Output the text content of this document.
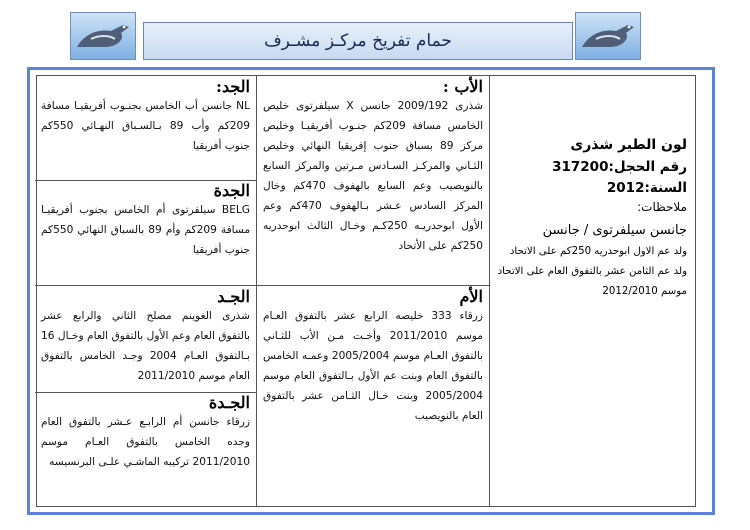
حمام تفريخ مركـز مشـرف
لون الطير شذرى
رقم الحجل:317200
السنة:2012
ملاحظات:
جانسن سيلفرتوى / جانسن
ولد عم الاول ابوحدريه 250كم على الاتحاد ولد عم الثامن عشر بالتفوق العام على الاتحاد موسم 2012/2010
الأب :
شذرى 2009/192 جانسن X سيلفرتوى خليص الخامس مسافة 209كم جنـوب أفريقيـا وخليص مركز 89 بسباق جنوب إفريقيا النهائي وخليص الثـاني والمركـز السـادس مـرتين والمركز السابع بالنويصيب وعم السابع بالهفوف 470كم وخال المركز السادس عـشر بـالهفوف 470كم وعم الأول ابوحدريـه 250كـم وخـال الثالث ابوحدريه 250كم على الأتحاد
الأم
زرقاء 333 خليصه الرابع عشر بالتفوق العـام موسم 2011/2010 وأخـت مـن الأب للثـاني بالتفوق العـام موسم 2005/2004 وعمـه الخامس بالتفوق العام وبنت عم الأول بـالتفوق العام موسم 2005/2004 وبنت خـال الثـامن عشر بالتفوق العام بالنويصيب
الجد:
NL جانسن أب الخامس بجنـوب أفريقيـا مسافة 209كم وأب 89 بـالسـباق النهـائي 550كم جنوب أفريقيا
الجدة
BELG سيلفرتوى أم الخامس بجنوب أفريقيـا مسافة 209كم وأم 89 بالسباق النهائي 550كم جنوب أفريقيا
الجـد
شذرى الغوينم مصلح الثاني والرابع عشر بالتفوق العام وعم الأول بالتفوق العام وخـال 16 بـالتفوق العـام 2004 وجـد الخامس بالتفوق العام موسم 2011/2010
الجـدة
زرقاء جانسن أم الرابـع عـشر بالتفوق العام وجده الخامس بالتفوق العـام موسم 2011/2010 تركيبه الماشـي علـى البرنسيسه
